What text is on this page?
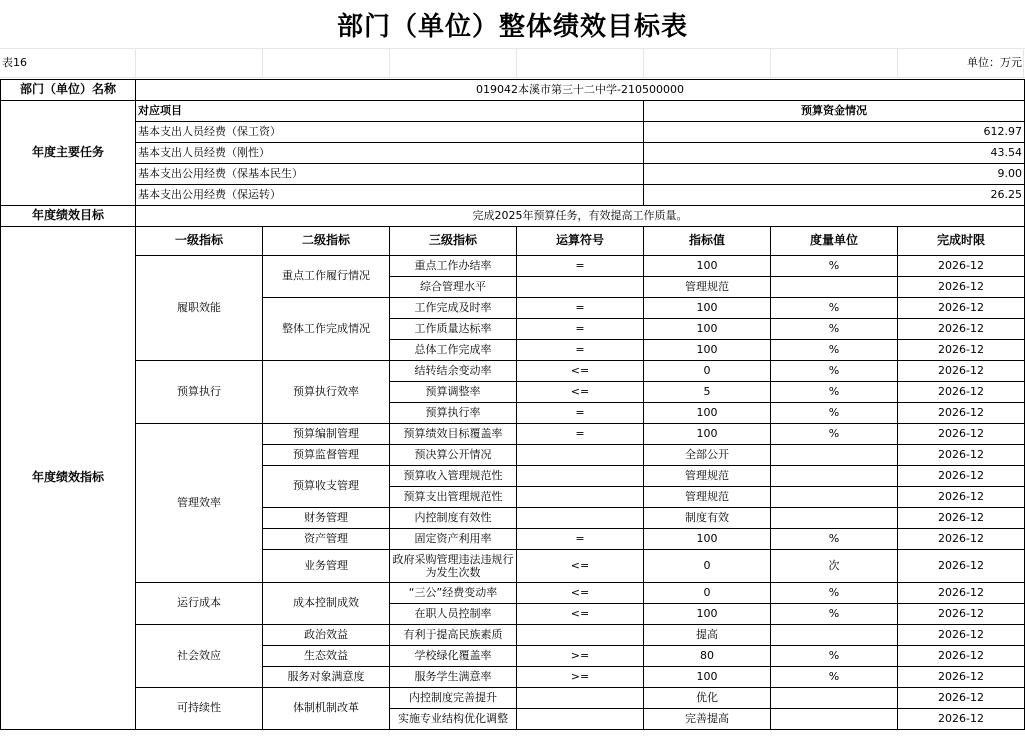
部门（单位）整体绩效目标表
表16	单位：万元
部门（单位）名称	019042本溪市第三十二中学-210500000						
年度主要任务	对应项目				预算资金情况		
	基本支出人员经费（保工资）				612.97		
	基本支出人员经费（刚性）				43.54		
	基本支出公用经费（保基本民生）				9.00		
	基本支出公用经费（保运转）				26.25		
年度绩效目标	完成2025年预算任务，有效提高工作质量。						
年度绩效指标	一级指标	二级指标	三级指标	运算符号	指标值	度量单位	完成时限
	履职效能	重点工作履行情况	重点工作办结率	=	100	%	2026-12
			综合管理水平		管理规范		2026-12
		整体工作完成情况	工作完成及时率	=	100	%	2026-12
			工作质量达标率	=	100	%	2026-12
			总体工作完成率	=	100	%	2026-12
	预算执行	预算执行效率	结转结余变动率	<=	0	%	2026-12
			预算调整率	<=	5	%	2026-12
			预算执行率	=	100	%	2026-12
	管理效率	预算编制管理	预算绩效目标覆盖率	=	100	%	2026-12
		预算监督管理	预决算公开情况		全部公开		2026-12
		预算收支管理	预算收入管理规范性		管理规范		2026-12
			预算支出管理规范性		管理规范		2026-12
		财务管理	内控制度有效性		制度有效		2026-12
		资产管理	固定资产利用率	=	100	%	2026-12
		业务管理	政府采购管理违法违规行为发生次数	<=	0	次	2026-12
	运行成本	成本控制成效	“三公”经费变动率	<=	0	%	2026-12
			在职人员控制率	<=	100	%	2026-12
	社会效应	政治效益	有利于提高民族素质		提高		2026-12
		生态效益	学校绿化覆盖率	>=	80	%	2026-12
		服务对象满意度	服务学生满意率	>=	100	%	2026-12
	可持续性	体制机制改革	内控制度完善提升		优化		2026-12
			实施专业结构优化调整		完善提高		2026-12
